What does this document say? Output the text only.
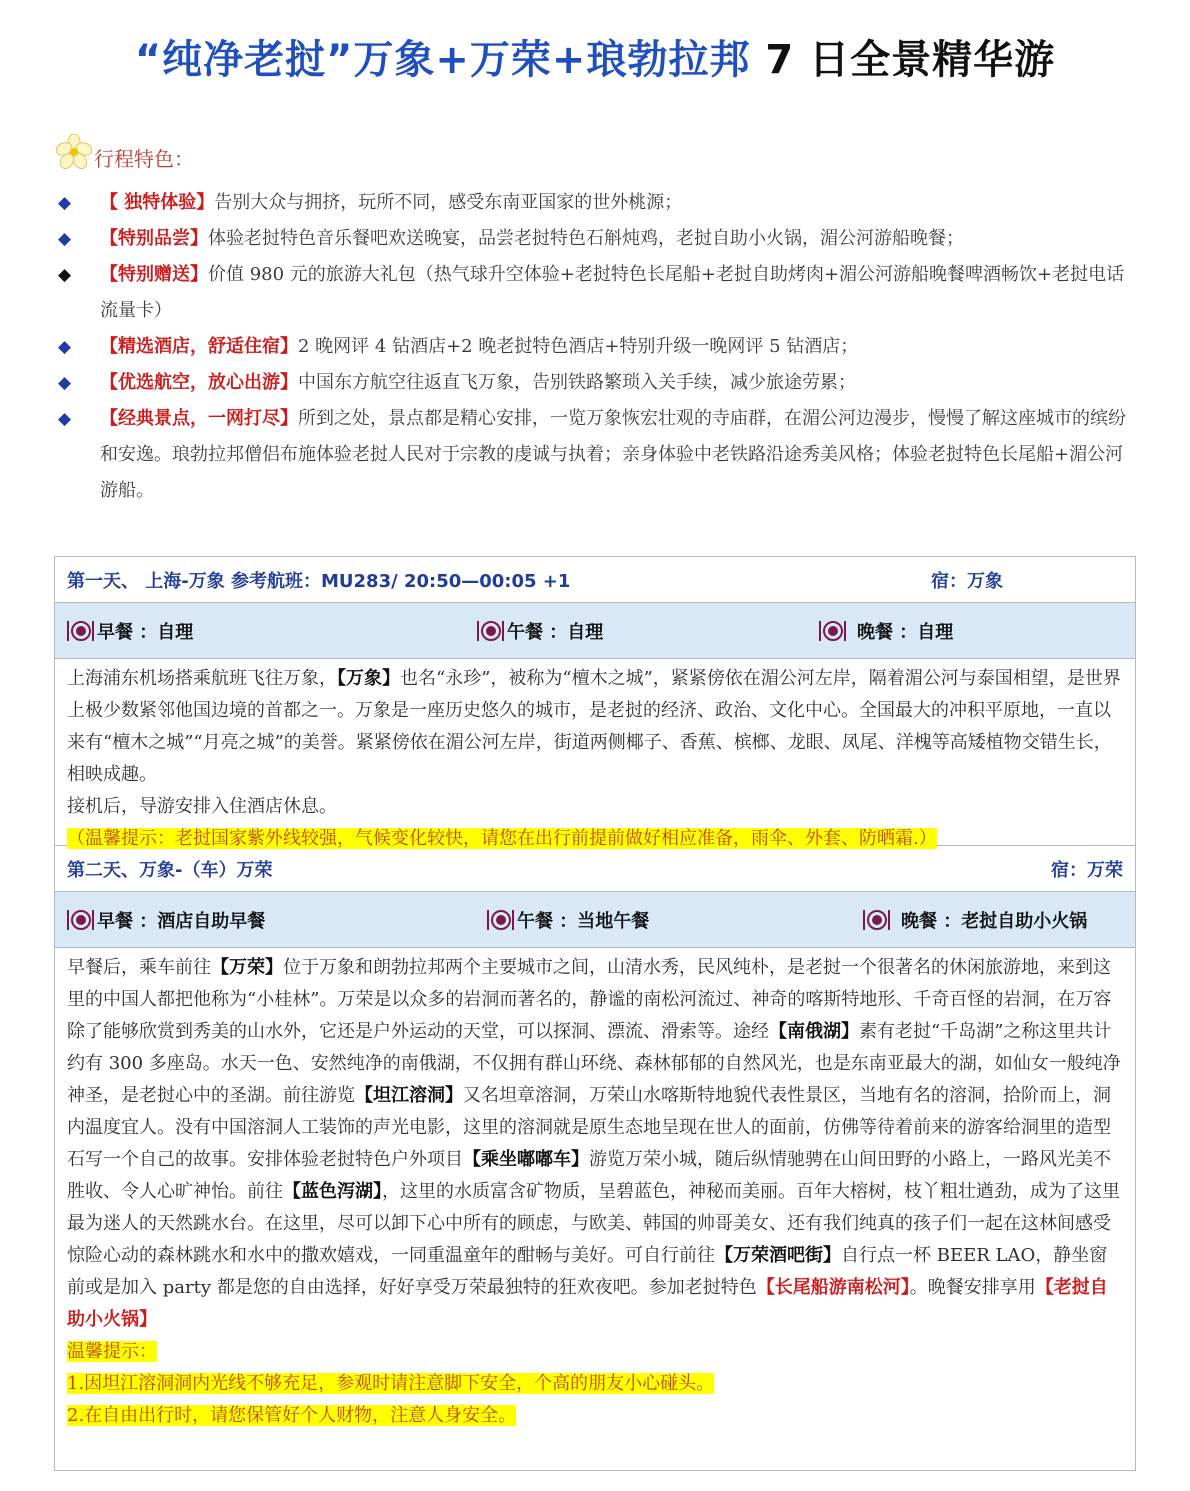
“纯净老挝”万象+万荣+琅勃拉邦 7 日全景精华游
行程特色：
◆	【 独特体验】告别大众与拥挤，玩所不同，感受东南亚国家的世外桃源；
◆	【特别品尝】体验老挝特色音乐餐吧欢送晚宴，品尝老挝特色石斛炖鸡，老挝自助小火锅，湄公河游船晚餐；
◆	【特别赠送】价值 980 元的旅游大礼包（热气球升空体验+老挝特色长尾船+老挝自助烤肉+湄公河游船晚餐啤酒畅饮+老挝电话流量卡）
◆	【精选酒店，舒适住宿】2 晚网评 4 钻酒店+2 晚老挝特色酒店+特别升级一晚网评 5 钻酒店；
◆	【优选航空，放心出游】中国东方航空往返直飞万象，告别铁路繁琐入关手续，减少旅途劳累；
◆	【经典景点，一网打尽】所到之处，景点都是精心安排，一览万象恢宏壮观的寺庙群，在湄公河边漫步，慢慢了解这座城市的缤纷和安逸。琅勃拉邦僧侣布施体验老挝人民对于宗教的虔诚与执着；亲身体验中老铁路沿途秀美风格；体验老挝特色长尾船+湄公河游船。
第一天、 上海-万象 参考航班：MU283/ 20:50—00:05 +1	宿：万象
早餐 ：自理	午餐 ：自理	晚餐 ：自理

上海浦东机场搭乘航班飞往万象，【万象】也名“永珍”，被称为“檀木之城”，紧紧傍依在湄公河左岸，隔着湄公河与泰国相望，是世界上极少数紧邻他国边境的首都之一。万象是一座历史悠久的城市，是老挝的经济、政治、文化中心。全国最大的冲积平原地，一直以来有“檀木之城”“月亮之城”的美誉。紧紧傍依在湄公河左岸，街道两侧椰子、香蕉、槟榔、龙眼、凤尾、洋槐等高矮植物交错生长，相映成趣。

接机后，导游安排入住酒店休息。

（温馨提示：老挝国家紫外线较强，气候变化较快，请您在出行前提前做好相应准备，雨伞、外套、防晒霜.）

第二天、万象-（车）万荣	宿：万荣
早餐 ：酒店自助早餐	午餐 ：当地午餐	晚餐 ：老挝自助小火锅

早餐后，乘车前往【万荣】位于万象和朗勃拉邦两个主要城市之间，山清水秀，民风纯朴，是老挝一个很著名的休闲旅游地，来到这里的中国人都把他称为“小桂林”。万荣是以众多的岩洞而著名的，静谧的南松河流过、神奇的喀斯特地形、千奇百怪的岩洞，在万容除了能够欣赏到秀美的山水外，它还是户外运动的天堂，可以探洞、漂流、滑索等。途经【南俄湖】素有老挝“千岛湖”之称这里共计约有 300 多座岛。水天一色、安然纯净的南俄湖，不仅拥有群山环绕、森林郁郁的自然风光，也是东南亚最大的湖，如仙女一般纯净神圣，是老挝心中的圣湖。前往游览【坦江溶洞】又名坦章溶洞，万荣山水喀斯特地貌代表性景区，当地有名的溶洞，拾阶而上，洞内温度宜人。没有中国溶洞人工装饰的声光电影，这里的溶洞就是原生态地呈现在世人的面前，仿佛等待着前来的游客给洞里的造型石写一个自己的故事。安排体验老挝特色户外项目【乘坐嘟嘟车】游览万荣小城，随后纵情驰骋在山间田野的小路上，一路风光美不胜收、令人心旷神怡。前往【蓝色泻湖】，这里的水质富含矿物质，呈碧蓝色，神秘而美丽。百年大榕树，枝丫粗壮遒劲，成为了这里最为迷人的天然跳水台。在这里，尽可以卸下心中所有的顾虑，与欧美、韩国的帅哥美女、还有我们纯真的孩子们一起在这林间感受惊险心动的森林跳水和水中的撒欢嬉戏，一同重温童年的酣畅与美好。可自行前往【万荣酒吧街】自行点一杯 BEER LAO，静坐窗前或是加入 party 都是您的自由选择，好好享受万荣最独特的狂欢夜吧。参加老挝特色【长尾船游南松河】。晚餐安排享用【老挝自助小火锅】

温馨提示：

1.因坦江溶洞洞内光线不够充足，参观时请注意脚下安全，个高的朋友小心碰头。

2.在自由出行时，请您保管好个人财物，注意人身安全。
